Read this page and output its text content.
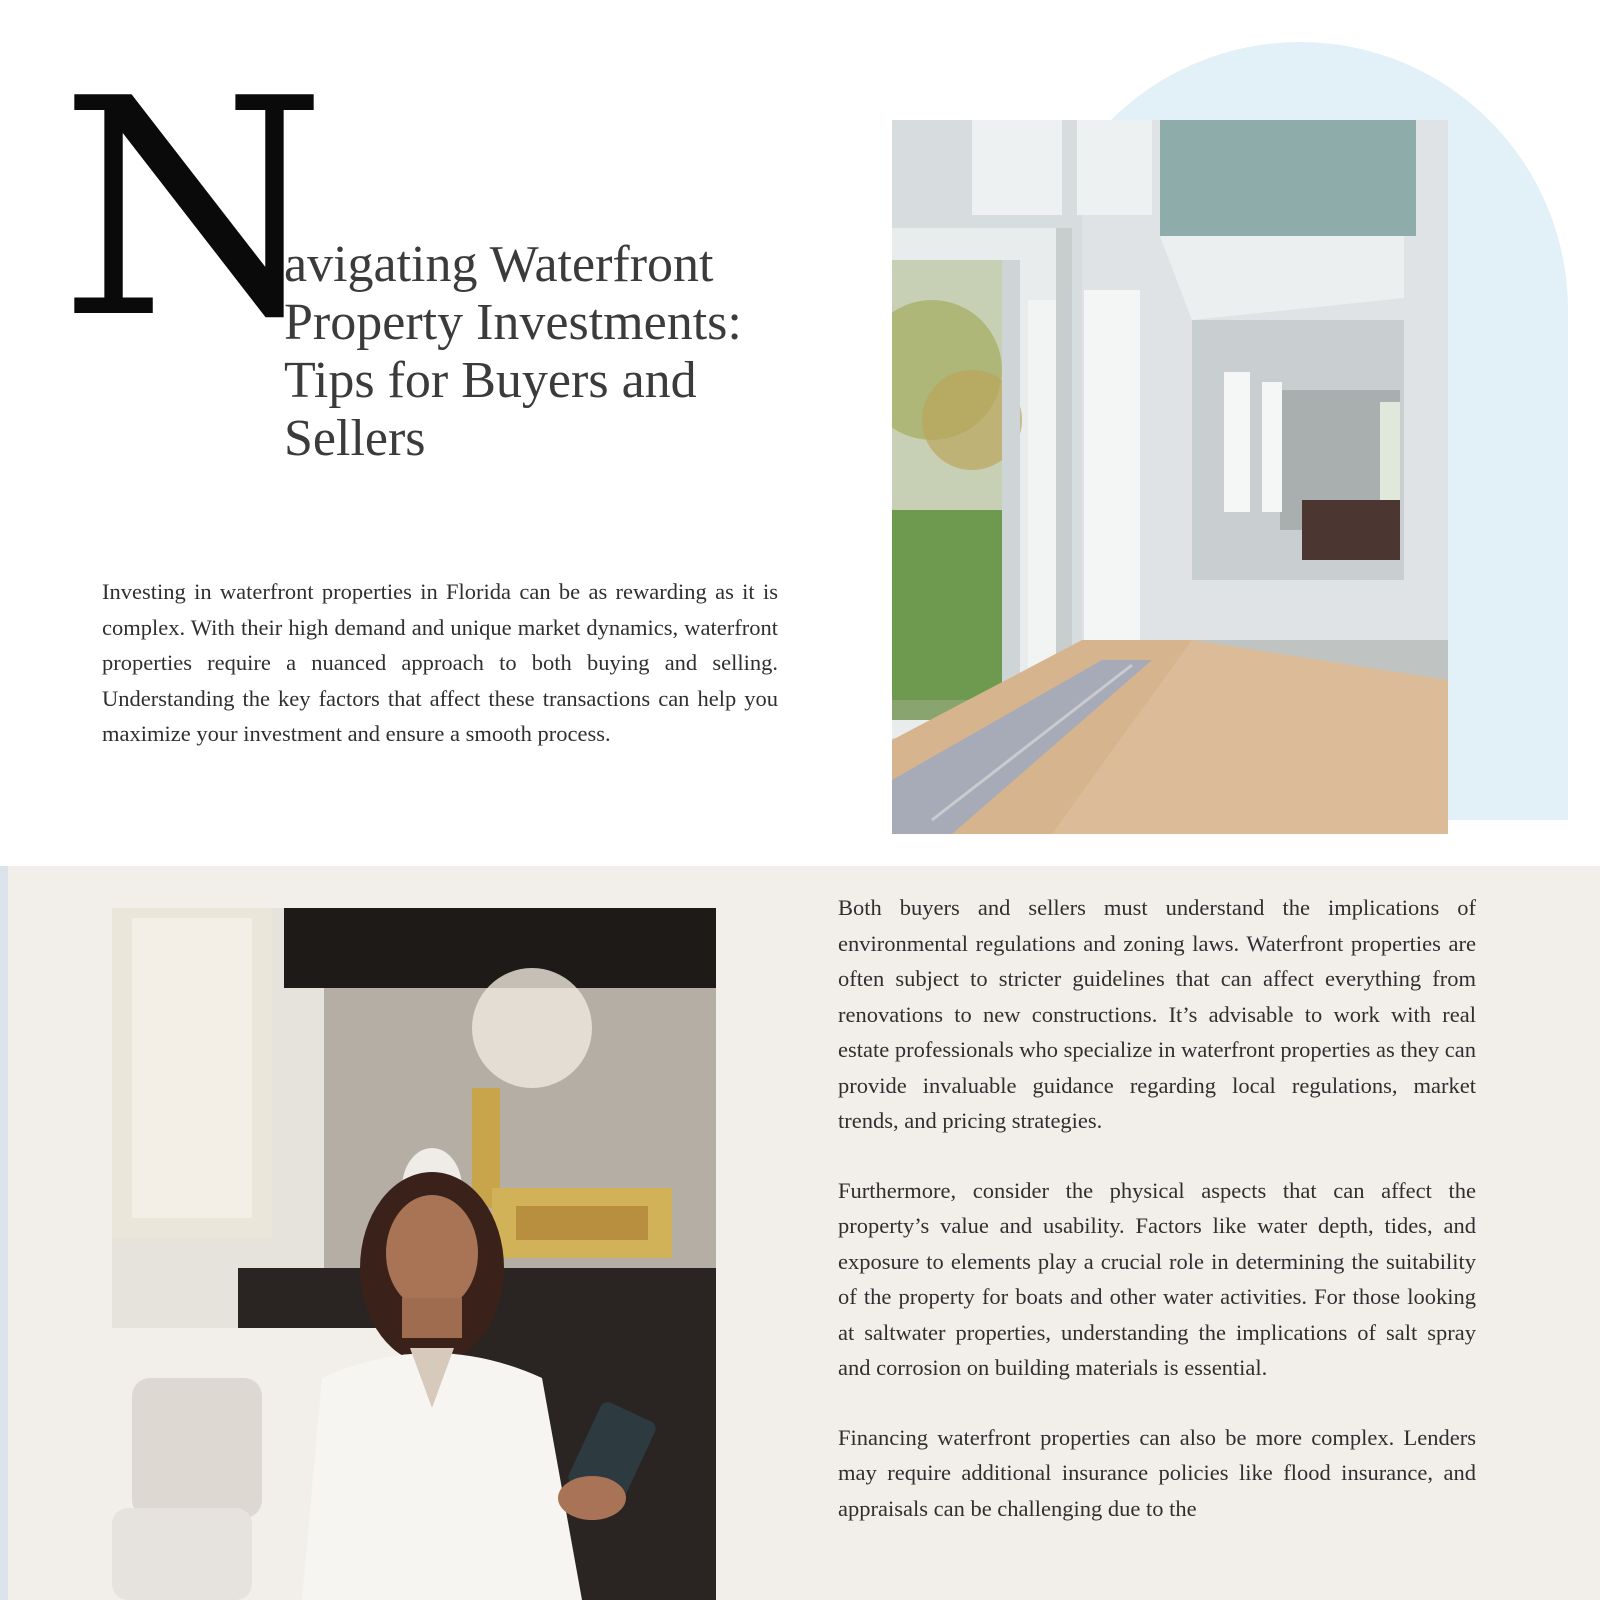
N
avigating Waterfront Property Investments: Tips for Buyers and Sellers

Investing in waterfront properties in Florida can be as rewarding as it is complex. With their high demand and unique market dynamics, waterfront properties require a nuanced approach to both buying and selling. Understanding the key factors that affect these transactions can help you maximize your investment and ensure a smooth process.

Both buyers and sellers must understand the implications of environmental regulations and zoning laws. Waterfront properties are often subject to stricter guidelines that can affect everything from renovations to new constructions. It’s advisable to work with real estate professionals who specialize in waterfront properties as they can provide invaluable guidance regarding local regulations, market trends, and pricing strategies.

Furthermore, consider the physical aspects that can affect the property’s value and usability. Factors like water depth, tides, and exposure to elements play a crucial role in determining the suitability of the property for boats and other water activities. For those looking at saltwater properties, understanding the implications of salt spray and corrosion on building materials is essential.

Financing waterfront properties can also be more complex. Lenders may require additional insurance policies like flood insurance, and appraisals can be challenging due to the
